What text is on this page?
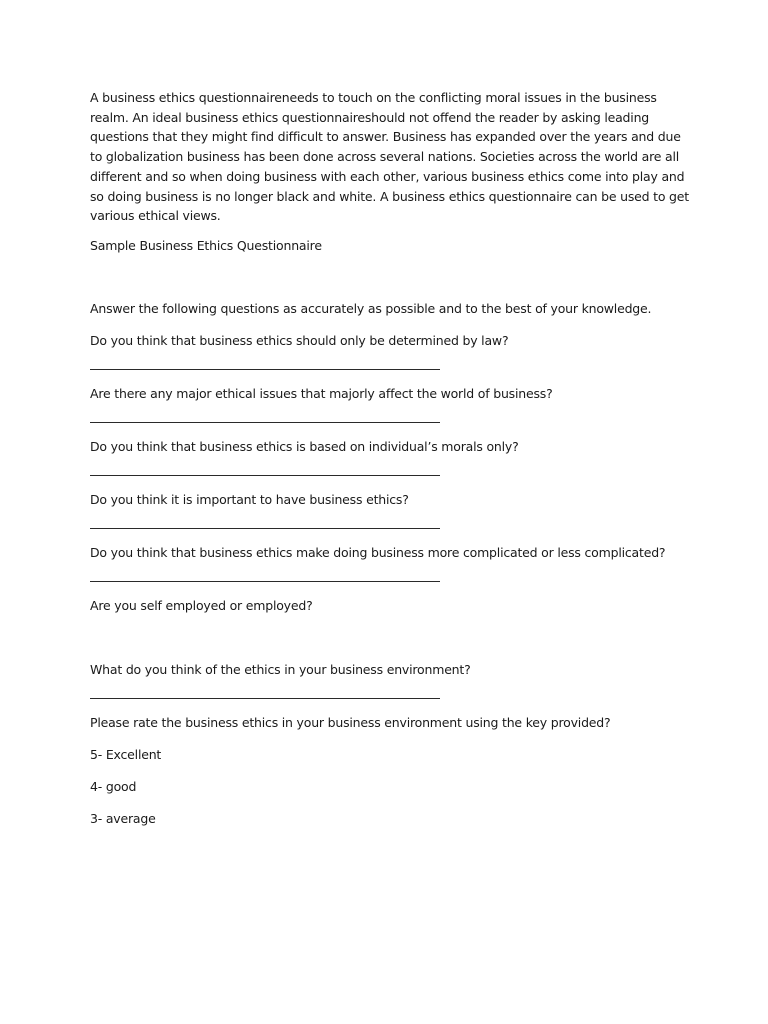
A business ethics questionnaireneeds to touch on the conflicting moral issues in the business realm. An ideal business ethics questionnaireshould not offend the reader by asking leading questions that they might find difficult to answer. Business has expanded over the years and due to globalization business has been done across several nations. Societies across the world are all different and so when doing business with each other, various business ethics come into play and so doing business is no longer black and white. A business ethics questionnaire can be used to get various ethical views.

Sample Business Ethics Questionnaire

Answer the following questions as accurately as possible and to the best of your knowledge.

Do you think that business ethics should only be determined by law?

Are there any major ethical issues that majorly affect the world of business?

Do you think that business ethics is based on individual’s morals only?

Do you think it is important to have business ethics?

Do you think that business ethics make doing business more complicated or less complicated?

Are you self employed or employed?

What do you think of the ethics in your business environment?

Please rate the business ethics in your business environment using the key provided?

5- Excellent

4- good

3- average
